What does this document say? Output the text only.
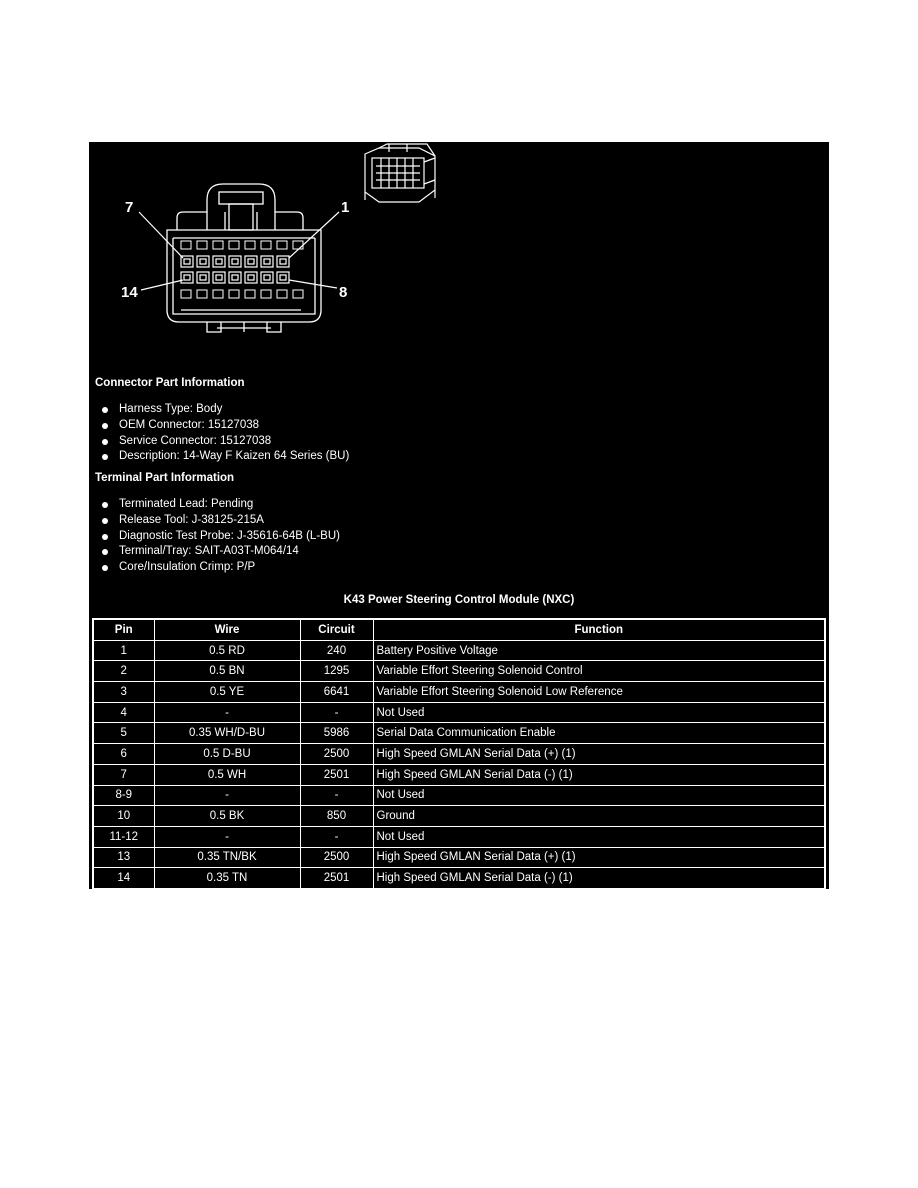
7	1
14	8
Connector Part Information
Harness Type: Body
OEM Connector: 15127038
Service Connector: 15127038
Description: 14-Way F Kaizen 64 Series (BU)
Terminal Part Information
Terminated Lead: Pending
Release Tool: J-38125-215A
Diagnostic Test Probe: J-35616-64B (L-BU)
Terminal/Tray: SAIT-A03T-M064/14
Core/Insulation Crimp: P/P
K43 Power Steering Control Module (NXC)
Pin	Wire	Circuit	Function
1	0.5 RD	240	Battery Positive Voltage
2	0.5 BN	1295	Variable Effort Steering Solenoid Control
3	0.5 YE	6641	Variable Effort Steering Solenoid Low Reference
4	-	-	Not Used
5	0.35 WH/D-BU	5986	Serial Data Communication Enable
6	0.5 D-BU	2500	High Speed GMLAN Serial Data (+) (1)
7	0.5 WH	2501	High Speed GMLAN Serial Data (-) (1)
8-9	-	-	Not Used
10	0.5 BK	850	Ground
11-12	-	-	Not Used
13	0.35 TN/BK	2500	High Speed GMLAN Serial Data (+) (1)
14	0.35 TN	2501	High Speed GMLAN Serial Data (-) (1)
